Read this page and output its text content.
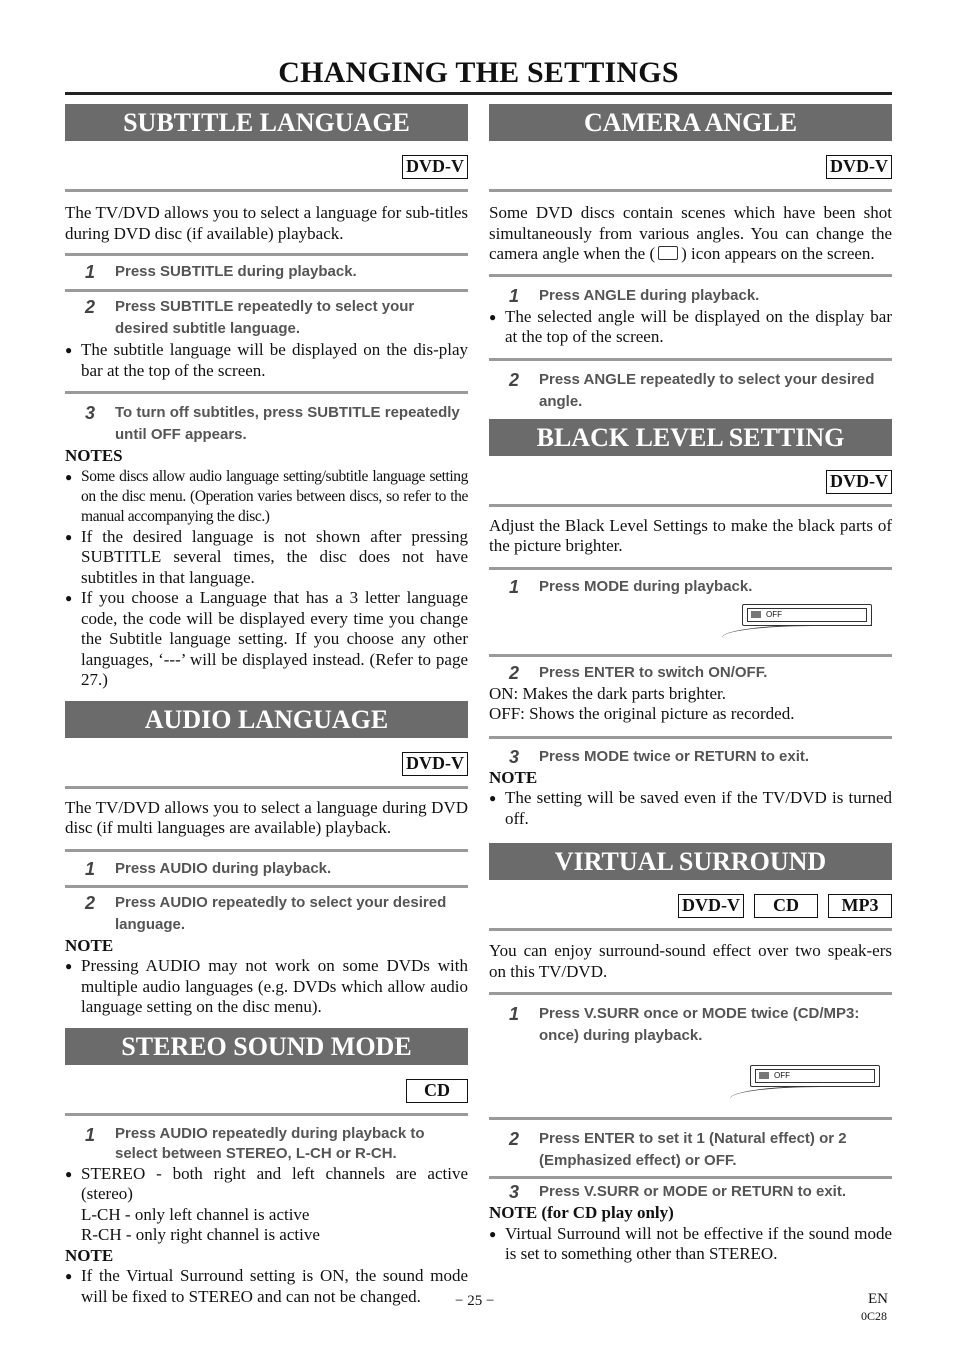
CHANGING THE SETTINGS
SUBTITLE LANGUAGE
DVD-V
The TV/DVD allows you to select a language for sub-titles during DVD disc (if available) playback.
1	Press SUBTITLE during playback.
2	Press SUBTITLE repeatedly to select your desired subtitle language.
● The subtitle language will be displayed on the dis-play bar at the top of the screen.
3	To turn off subtitles, press SUBTITLE repeatedly until OFF appears.
NOTES
● Some discs allow audio language setting/subtitle language setting on the disc menu. (Operation varies between discs, so refer to the manual accompanying the disc.)
● If the desired language is not shown after pressing SUBTITLE several times, the disc does not have subtitles in that language.
● If you choose a Language that has a 3 letter language code, the code will be displayed every time you change the Subtitle language setting. If you choose any other languages, ‘---’ will be displayed instead. (Refer to page 27.)
AUDIO LANGUAGE
DVD-V
The TV/DVD allows you to select a language during DVD disc (if multi languages are available) playback.
1	Press AUDIO during playback.
2	Press AUDIO repeatedly to select your desired language.
NOTE
● Pressing AUDIO may not work on some DVDs with multiple audio languages (e.g. DVDs which allow audio language setting on the disc menu).
STEREO SOUND MODE
CD
1	Press AUDIO repeatedly during playback to select between STEREO, L-CH or R-CH.
● STEREO - both right and left channels are active (stereo)
L-CH - only left channel is active
R-CH - only right channel is active
NOTE
● If the Virtual Surround setting is ON, the sound mode will be fixed to STEREO and can not be changed.
CAMERA ANGLE
DVD-V
Some DVD discs contain scenes which have been shot simultaneously from various angles. You can change the camera angle when the ( ) icon appears on the screen.
1	Press ANGLE during playback.
● The selected angle will be displayed on the display bar at the top of the screen.
2	Press ANGLE repeatedly to select your desired angle.
BLACK LEVEL SETTING
DVD-V
Adjust the Black Level Settings to make the black parts of the picture brighter.
1	Press MODE during playback.
OFF
2	Press ENTER to switch ON/OFF.
ON: Makes the dark parts brighter.
OFF: Shows the original picture as recorded.
3	Press MODE twice or RETURN to exit.
NOTE
● The setting will be saved even if the TV/DVD is turned off.
VIRTUAL SURROUND
DVD-V	CD	MP3
You can enjoy surround-sound effect over two speak-ers on this TV/DVD.
1	Press V.SURR once or MODE twice (CD/MP3: once) during playback.
OFF
2	Press ENTER to set it 1 (Natural effect) or 2 (Emphasized effect) or OFF.
3	Press V.SURR or MODE or RETURN to exit.
NOTE (for CD play only)
● Virtual Surround will not be effective if the sound mode is set to something other than STEREO.
− 25 −	EN
0C28
